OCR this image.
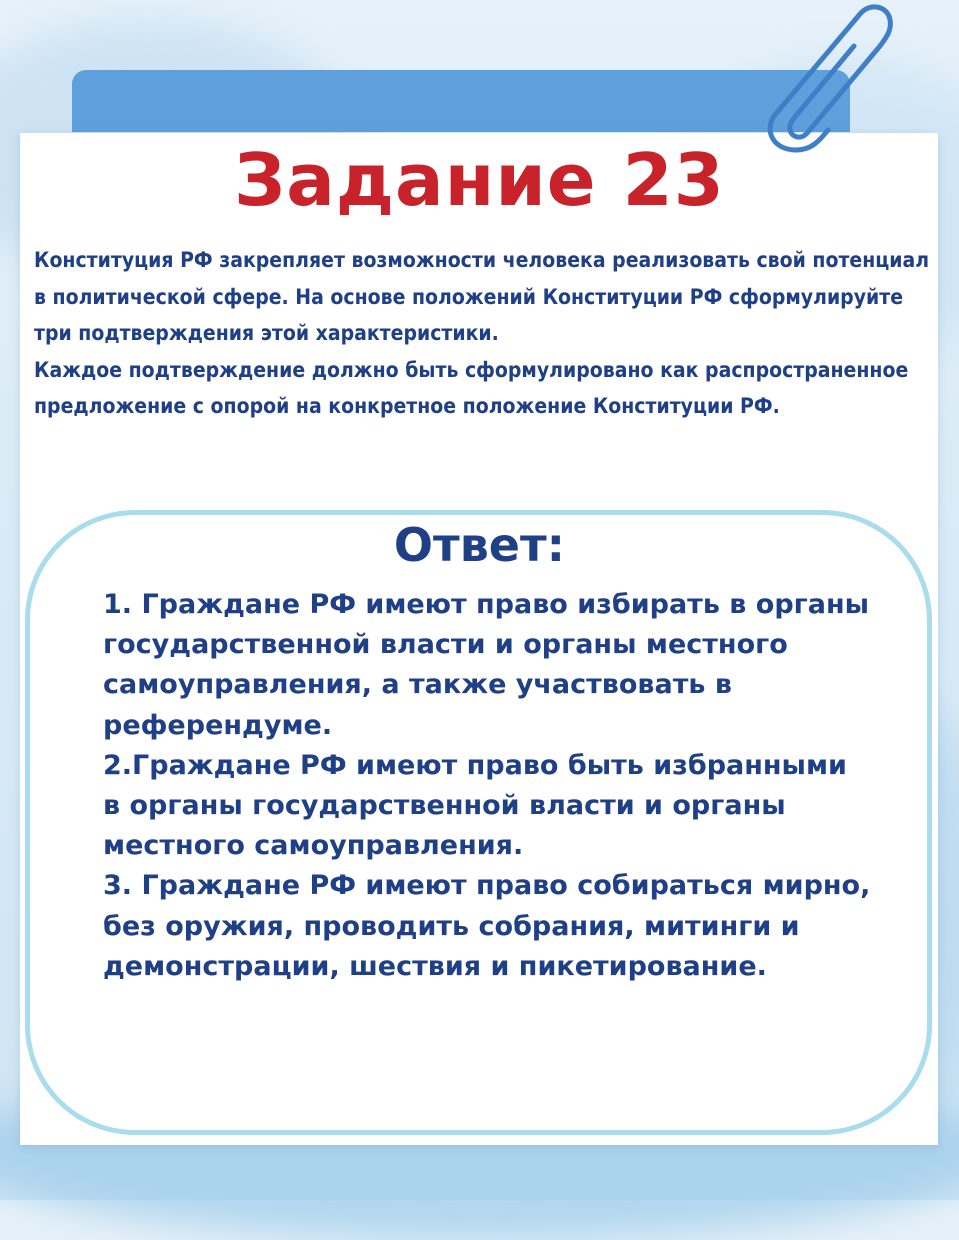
Задание 23

Конституция РФ закрепляет возможности человека реализовать свой потенциал в политической сфере. На основе положений Конституции РФ сформулируйте три подтверждения этой характеристики.

Каждое подтверждение должно быть сформулировано как распространенное предложение с опорой на конкретное положение Конституции РФ.

Ответ:

1. Граждане РФ имеют право избирать в органы государственной власти и органы местного самоуправления, а также участвовать в референдуме.

2.Граждане РФ имеют право быть избранными в органы государственной власти и органы местного самоуправления.

3. Граждане РФ имеют право собираться мирно, без оружия, проводить собрания, митинги и демонстрации, шествия и пикетирование.
